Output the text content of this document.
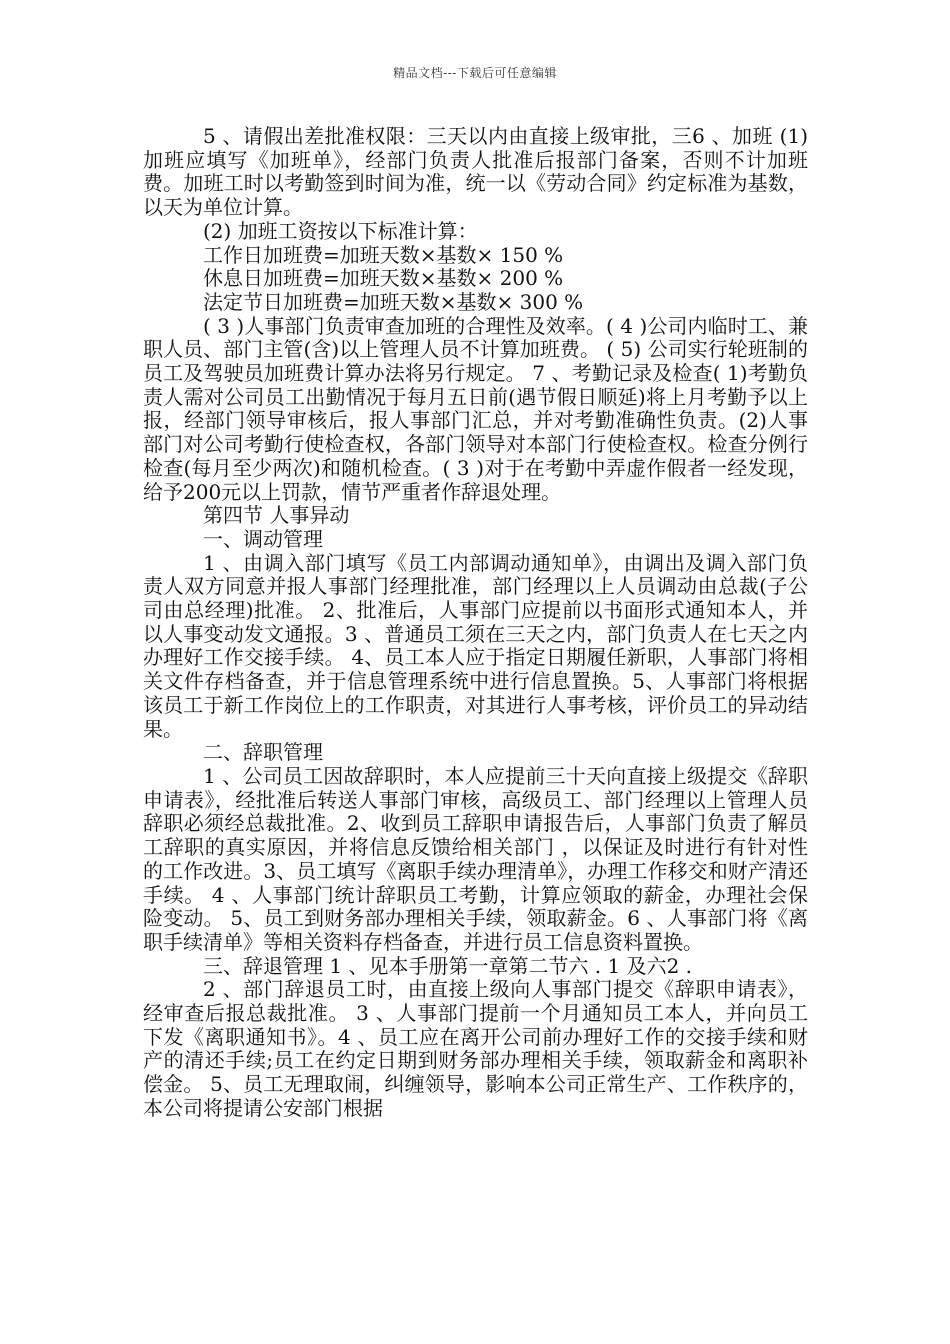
精品文档---下载后可任意编辑

5 、请假出差批准权限：三天以内由直接上级审批，三6 、加班 (1)加班应填写《加班单》，经部门负责人批准后报部门备案，否则不计加班费。加班工时以考勤签到时间为准，统一以《劳动合同》约定标准为基数，以天为单位计算。

(2) 加班工资按以下标准计算：

工作日加班费=加班天数×基数× 150 %

休息日加班费=加班天数×基数× 200 %

法定节日加班费=加班天数×基数× 300 %

( 3 )人事部门负责审查加班的合理性及效率。( 4 )公司内临时工、兼职人员、部门主管(含)以上管理人员不计算加班费。 ( 5) 公司实行轮班制的员工及驾驶员加班费计算办法将另行规定。 7 、考勤记录及检查( 1)考勤负责人需对公司员工出勤情况于每月五日前(遇节假日顺延)将上月考勤予以上报，经部门领导审核后，报人事部门汇总，并对考勤准确性负责。(2)人事部门对公司考勤行使检查权，各部门领导对本部门行使检查权。检查分例行检查(每月至少两次)和随机检查。( 3 )对于在考勤中弄虚作假者一经发现，给予200元以上罚款，情节严重者作辞退处理。

第四节 人事异动

一、调动管理

1 、由调入部门填写《员工内部调动通知单》，由调出及调入部门负责人双方同意并报人事部门经理批准，部门经理以上人员调动由总裁(子公司由总经理)批准。 2、批准后，人事部门应提前以书面形式通知本人，并以人事变动发文通报。3 、普通员工须在三天之内，部门负责人在七天之内办理好工作交接手续。 4、员工本人应于指定日期履任新职，人事部门将相关文件存档备查，并于信息管理系统中进行信息置换。5、人事部门将根据该员工于新工作岗位上的工作职责，对其进行人事考核，评价员工的异动结果。

二、辞职管理

1 、公司员工因故辞职时，本人应提前三十天向直接上级提交《辞职申请表》，经批准后转送人事部门审核，高级员工、部门经理以上管理人员辞职必须经总裁批准。2、收到员工辞职申请报告后，人事部门负责了解员工辞职的真实原因，并将信息反馈给相关部门 ，以保证及时进行有针对性的工作改进。3、员工填写《离职手续办理清单》，办理工作移交和财产清还手续。 4 、人事部门统计辞职员工考勤，计算应领取的薪金，办理社会保险变动。 5、员工到财务部办理相关手续，领取薪金。6 、人事部门将《离职手续清单》等相关资料存档备查，并进行员工信息资料置换。

三、辞退管理 1 、见本手册第一章第二节六 . 1 及六2 .

2 、部门辞退员工时，由直接上级向人事部门提交《辞职申请表》，经审查后报总裁批准。 3 、人事部门提前一个月通知员工本人，并向员工下发《离职通知书》。4 、员工应在离开公司前办理好工作的交接手续和财产的清还手续;员工在约定日期到财务部办理相关手续，领取薪金和离职补偿金。 5、员工无理取闹，纠缠领导，影响本公司正常生产、工作秩序的，本公司将提请公安部门根据
